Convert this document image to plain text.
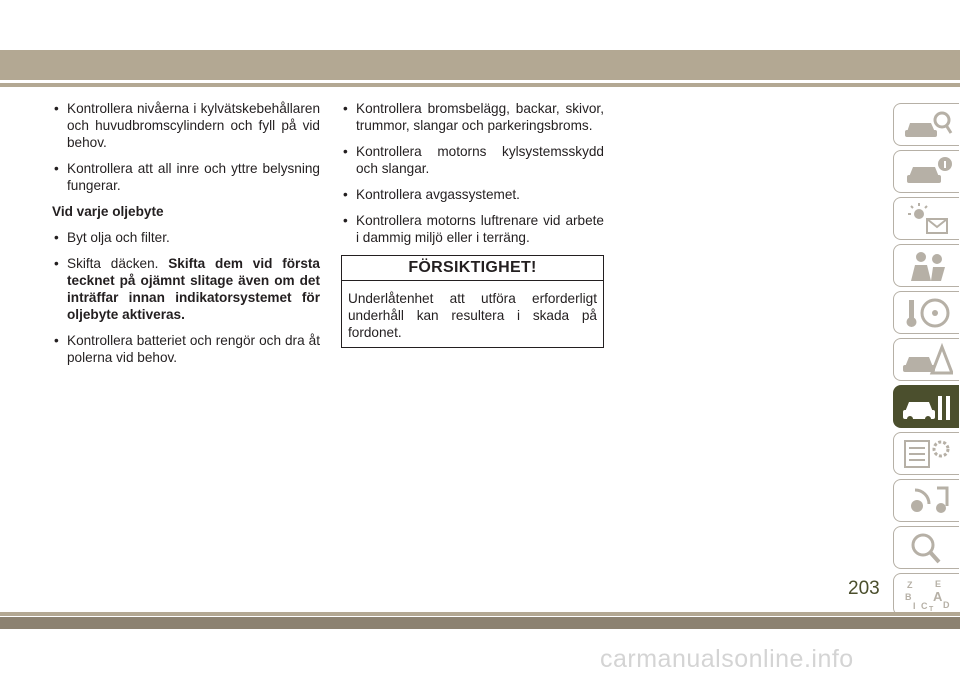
• Kontrollera nivåerna i kylvätskebehållaren och huvudbromscylindern och fyll på vid behov.
• Kontrollera att all inre och yttre belysning fungerar.
Vid varje oljebyte
• Byt olja och filter.
• Skifta däcken. Skifta dem vid första tecknet på ojämnt slitage även om det inträffar innan indikatorsystemet för oljebyte aktiveras.
• Kontrollera batteriet och rengör och dra åt polerna vid behov.
• Kontrollera bromsbelägg, backar, skivor, trummor, slangar och parkeringsbroms.
• Kontrollera motorns kylsystemsskydd och slangar.
• Kontrollera avgassystemet.
• Kontrollera motorns luftrenare vid arbete i dammig miljö eller i terräng.
FÖRSIKTIGHET!
Underlåtenhet att utföra erforderligt underhåll kan resultera i skada på fordonet.
Z	E
B A
I C D
T
203
carmanualsonline.info
